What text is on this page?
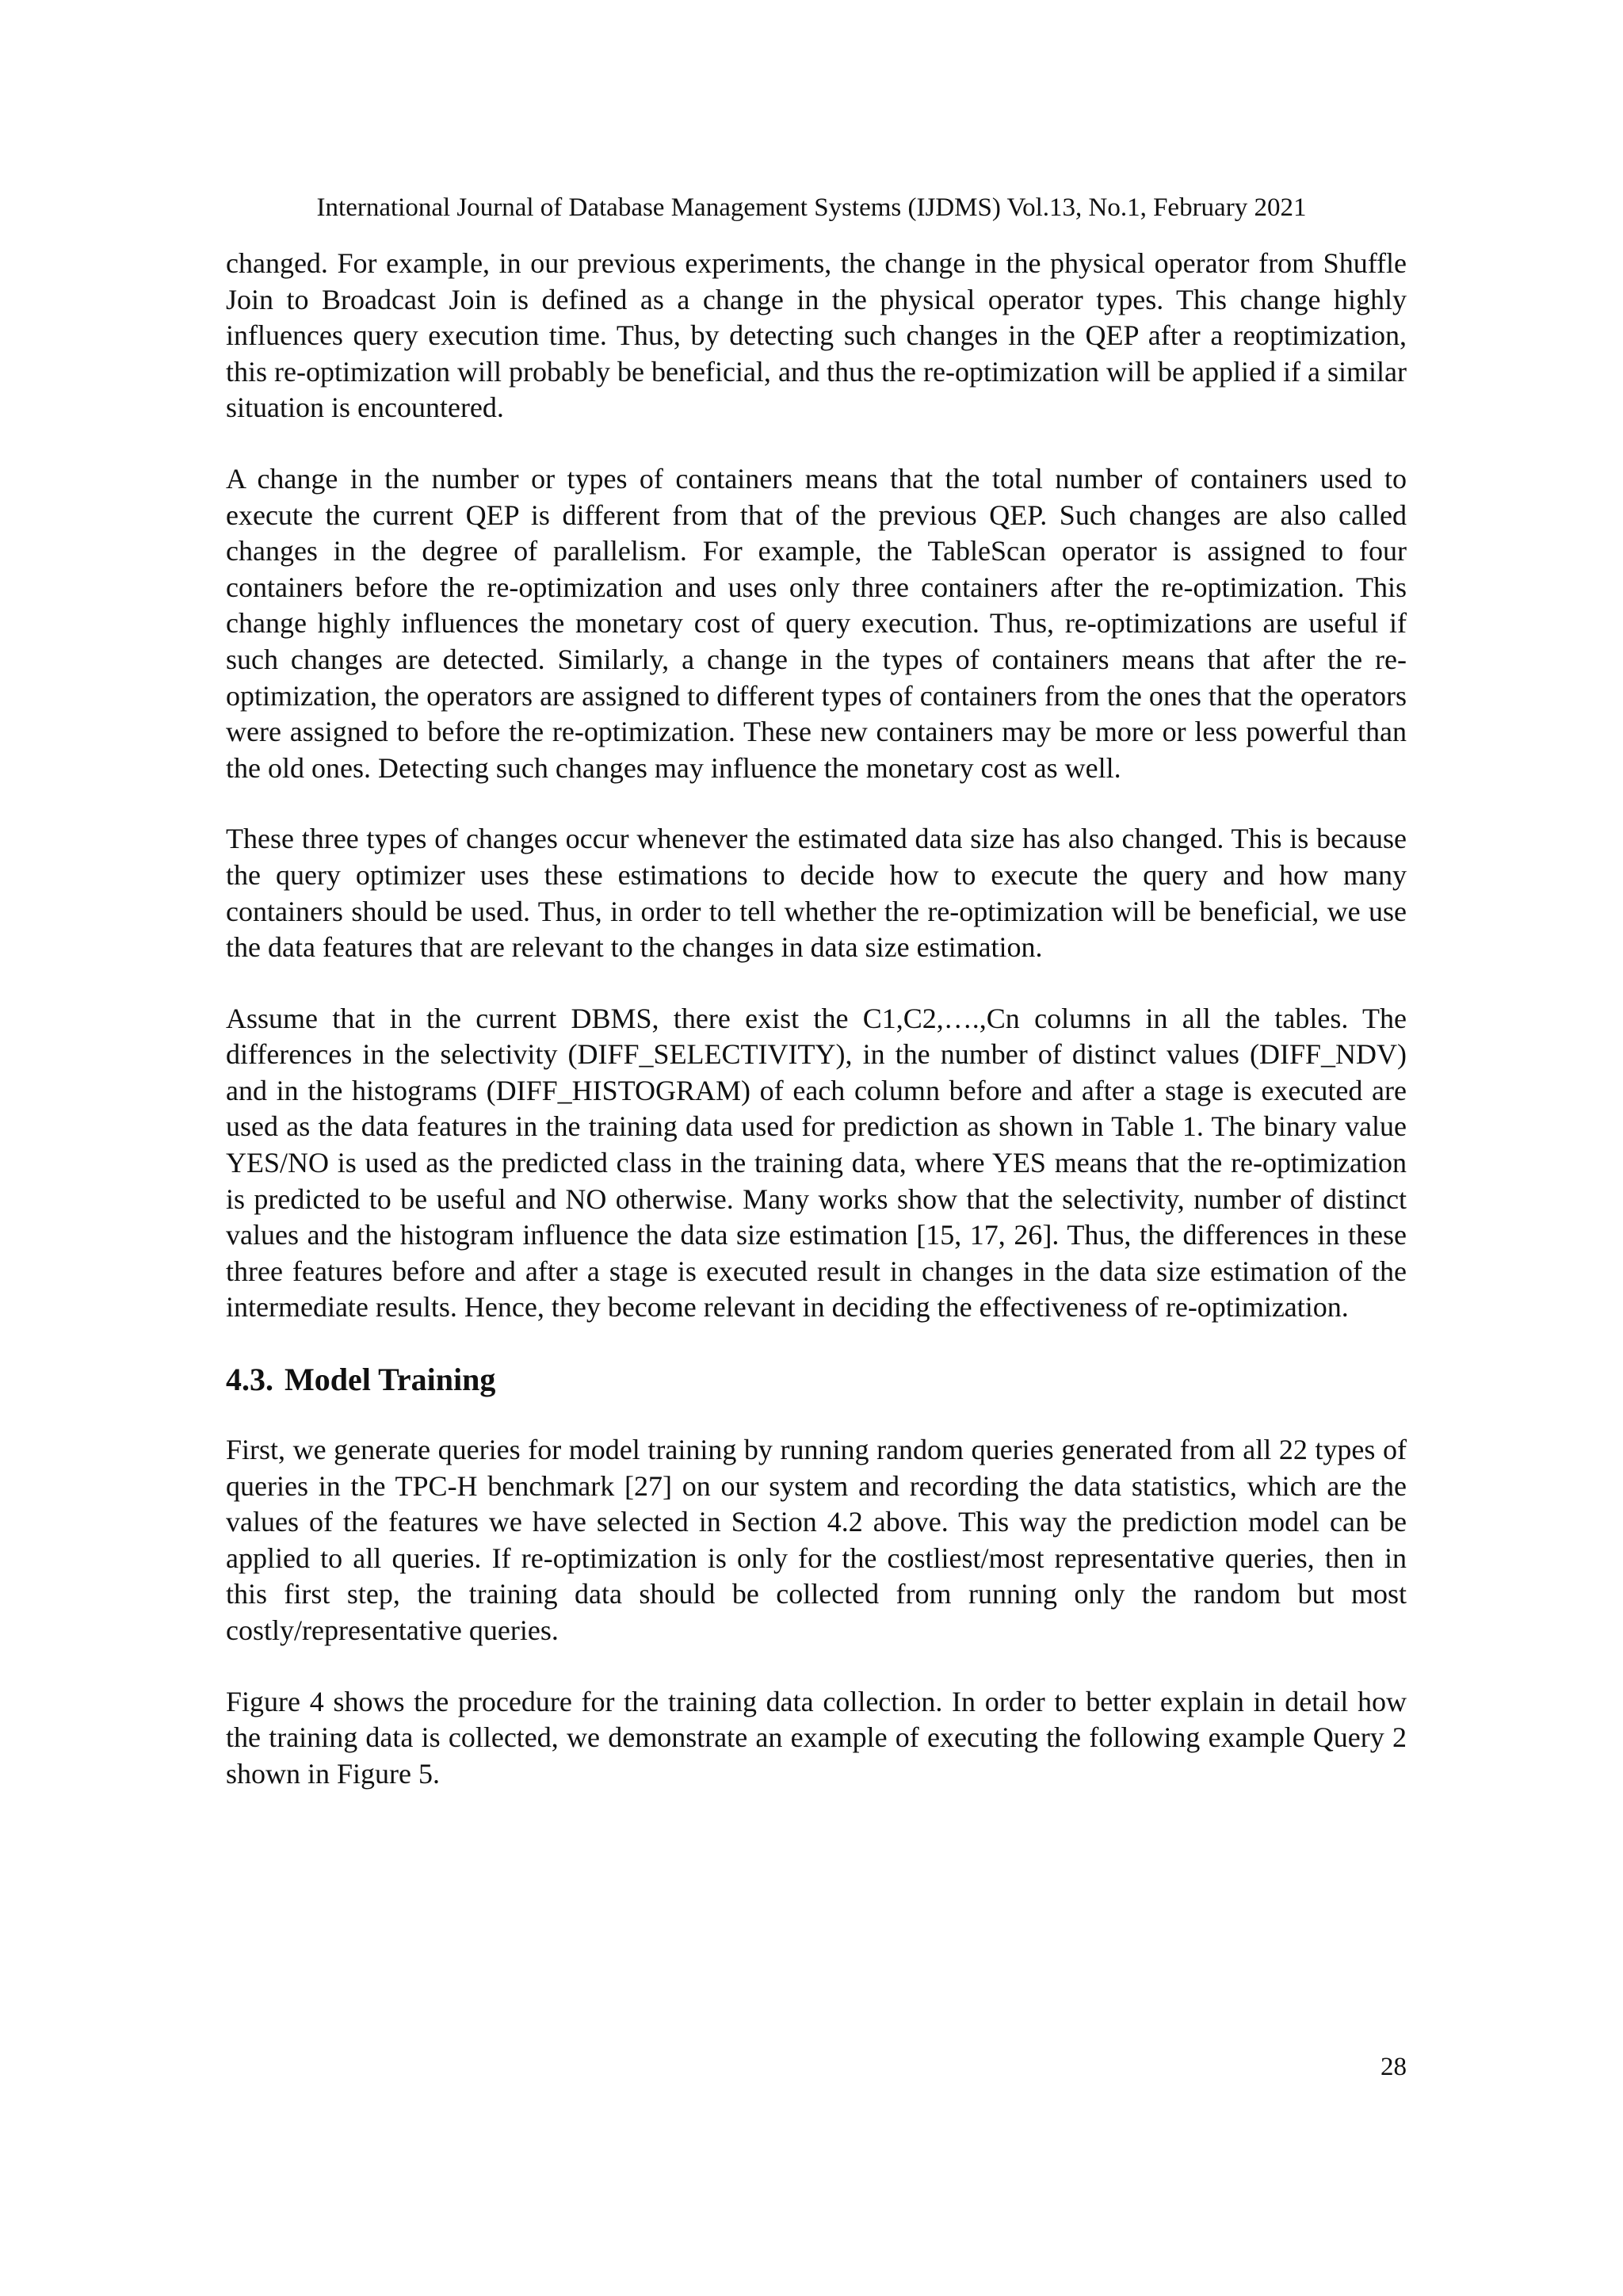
International Journal of Database Management Systems (IJDMS) Vol.13, No.1, February 2021

changed. For example, in our previous experiments, the change in the physical operator from Shuffle Join to Broadcast Join is defined as a change in the physical operator types. This change highly influences query execution time. Thus, by detecting such changes in the QEP after a reoptimization, this re-optimization will probably be beneficial, and thus the re-optimization will be applied if a similar situation is encountered.

A change in the number or types of containers means that the total number of containers used to execute the current QEP is different from that of the previous QEP. Such changes are also called changes in the degree of parallelism. For example, the TableScan operator is assigned to four containers before the re-optimization and uses only three containers after the re-optimization. This change highly influences the monetary cost of query execution. Thus, re-optimizations are useful if such changes are detected. Similarly, a change in the types of containers means that after the re-optimization, the operators are assigned to different types of containers from the ones that the operators were assigned to before the re-optimization. These new containers may be more or less powerful than the old ones. Detecting such changes may influence the monetary cost as well.

These three types of changes occur whenever the estimated data size has also changed. This is because the query optimizer uses these estimations to decide how to execute the query and how many containers should be used. Thus, in order to tell whether the re-optimization will be beneficial, we use the data features that are relevant to the changes in data size estimation.

Assume that in the current DBMS, there exist the C1,C2,….,Cn columns in all the tables. The differences in the selectivity (DIFF_SELECTIVITY), in the number of distinct values (DIFF_NDV) and in the histograms (DIFF_HISTOGRAM) of each column before and after a stage is executed are used as the data features in the training data used for prediction as shown in Table 1. The binary value YES/NO is used as the predicted class in the training data, where YES means that the re-optimization is predicted to be useful and NO otherwise. Many works show that the selectivity, number of distinct values and the histogram influence the data size estimation [15, 17, 26]. Thus, the differences in these three features before and after a stage is executed result in changes in the data size estimation of the intermediate results. Hence, they become relevant in deciding the effectiveness of re-optimization.

4.3. Model Training

First, we generate queries for model training by running random queries generated from all 22 types of queries in the TPC-H benchmark [27] on our system and recording the data statistics, which are the values of the features we have selected in Section 4.2 above. This way the prediction model can be applied to all queries. If re-optimization is only for the costliest/most representative queries, then in this first step, the training data should be collected from running only the random but most costly/representative queries.

Figure 4 shows the procedure for the training data collection. In order to better explain in detail how the training data is collected, we demonstrate an example of executing the following example Query 2 shown in Figure 5.

28
